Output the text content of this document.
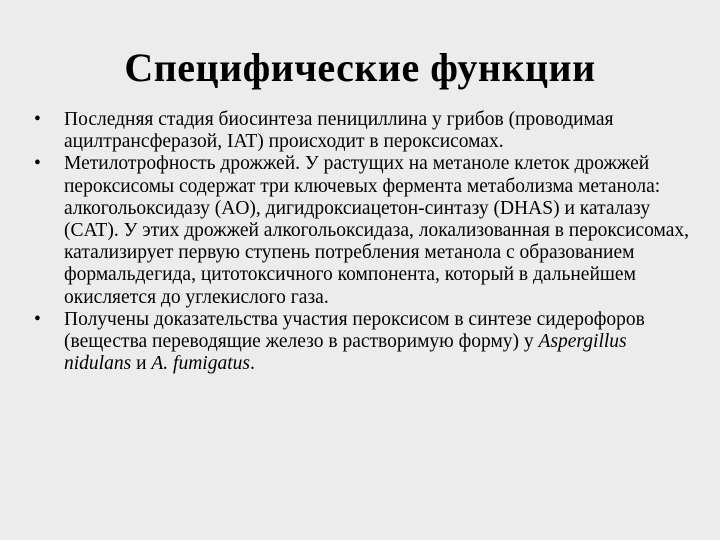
Специфические функции
•	Последняя стадия биосинтеза пенициллина у грибов (проводимая ацилтрансферазой, IAT) происходит в пероксисомах.
•	Метилотрофность дрожжей. У растущих на метаноле клеток дрожжей пероксисомы содержат три ключевых фермента метаболизма метанола: алкогольоксидазу (AO), дигидроксиацетон-синтазу (DHAS) и каталазу (CAT). У этих дрожжей алкогольоксидаза, локализованная в пероксисомах, катализирует первую ступень потребления метанола с образованием формальдегида, цитотоксичного компонента, который в дальнейшем окисляется до углекислого газа.
•	Получены доказательства участия пероксисом в синтезе сидерофоров (вещества переводящие железо в растворимую форму) у Aspergillus nidulans и A. fumigatus.
